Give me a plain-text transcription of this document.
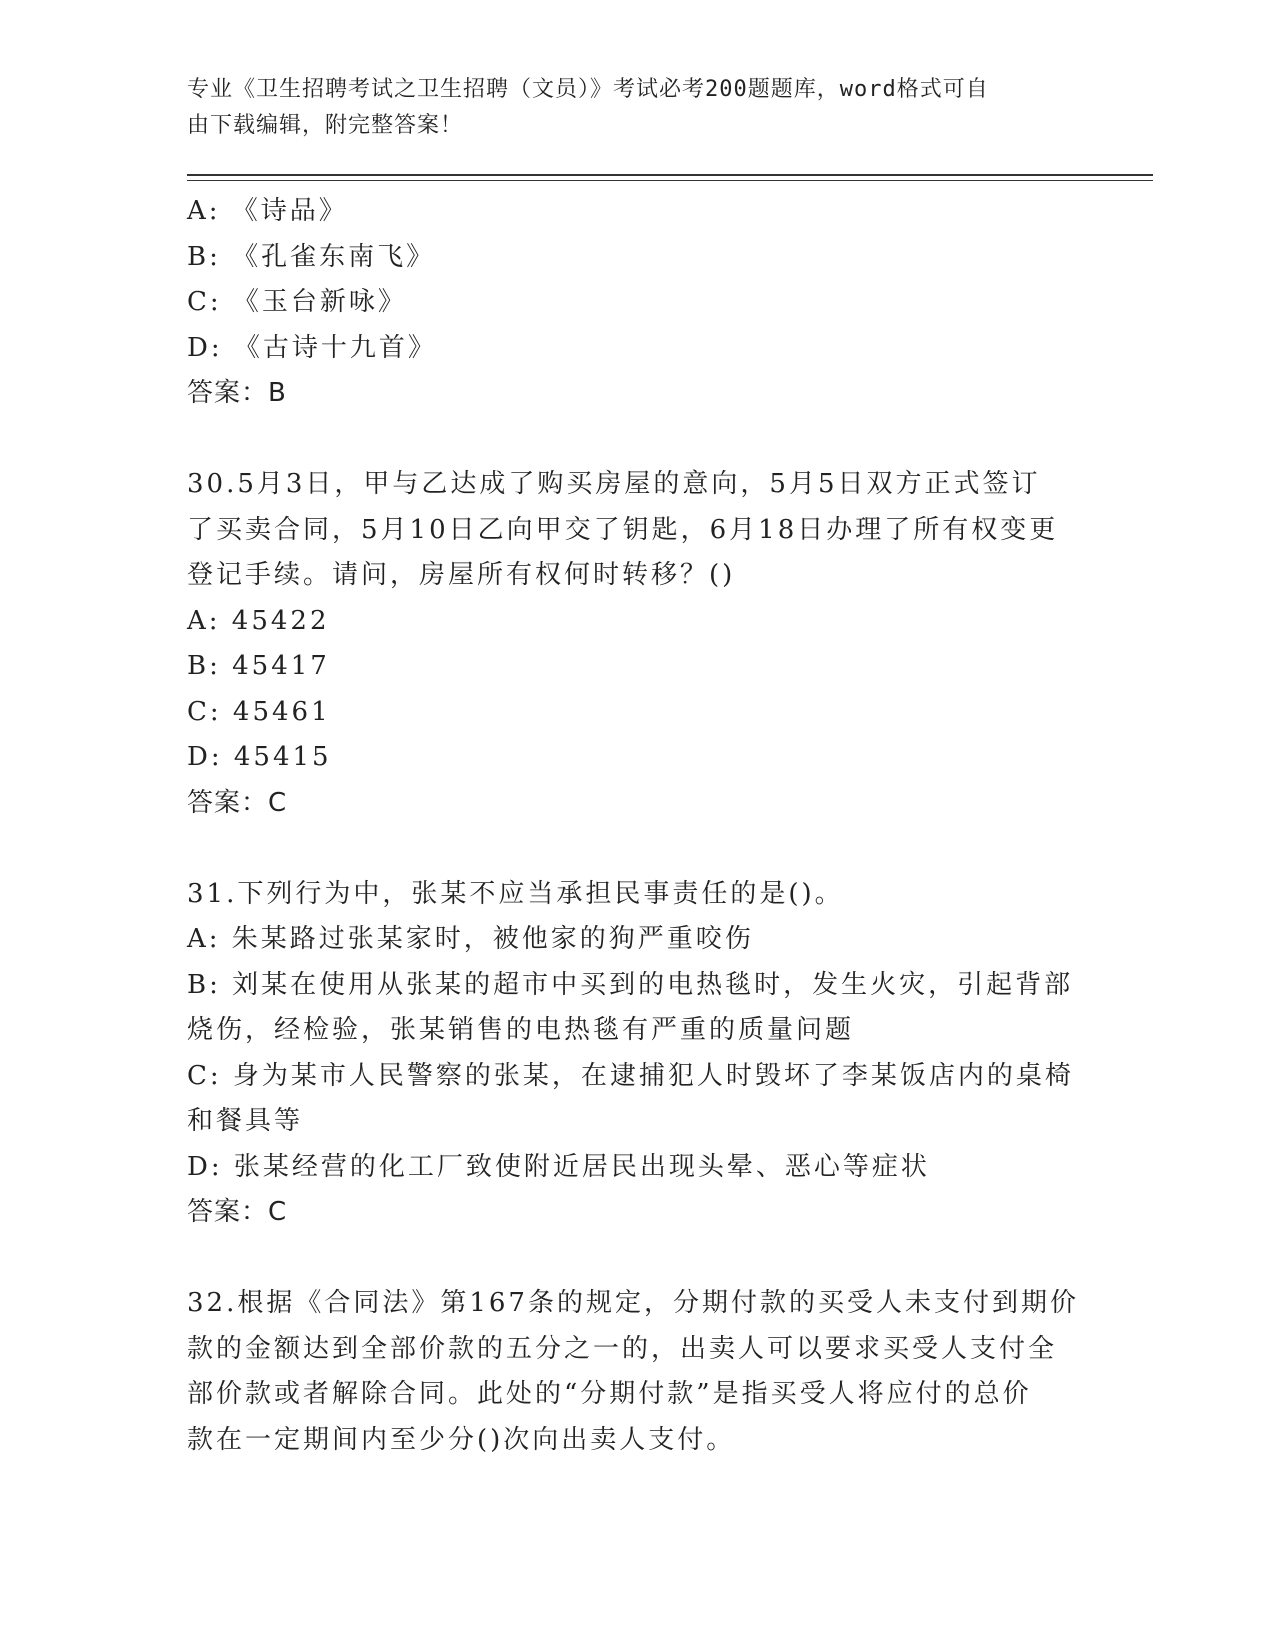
专业《卫生招聘考试之卫生招聘（文员）》考试必考200题题库，word格式可自
由下载编辑，附完整答案！
A: 《诗品》
B: 《孔雀东南飞》
C: 《玉台新咏》
D: 《古诗十九首》
答案：B
30.5月3日，甲与乙达成了购买房屋的意向，5月5日双方正式签订
了买卖合同，5月10日乙向甲交了钥匙，6月18日办理了所有权变更
登记手续。请问，房屋所有权何时转移？()
A: 45422
B: 45417
C: 45461
D: 45415
答案：C
31.下列行为中，张某不应当承担民事责任的是()。
A: 朱某路过张某家时，被他家的狗严重咬伤
B: 刘某在使用从张某的超市中买到的电热毯时，发生火灾，引起背部
烧伤，经检验，张某销售的电热毯有严重的质量问题
C: 身为某市人民警察的张某，在逮捕犯人时毁坏了李某饭店内的桌椅
和餐具等
D: 张某经营的化工厂致使附近居民出现头晕、恶心等症状
答案：C
32.根据《合同法》第167条的规定，分期付款的买受人未支付到期价
款的金额达到全部价款的五分之一的，出卖人可以要求买受人支付全
部价款或者解除合同。此处的“分期付款”是指买受人将应付的总价
款在一定期间内至少分()次向出卖人支付。
